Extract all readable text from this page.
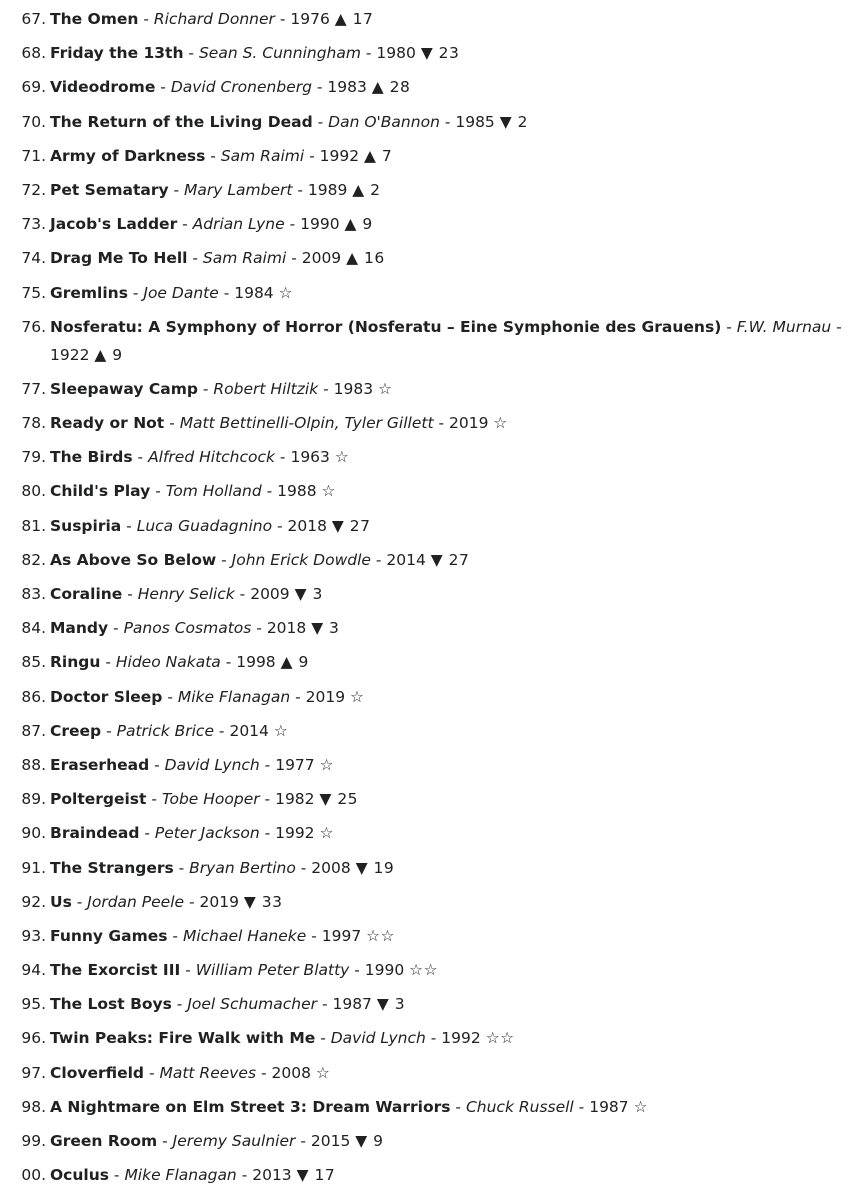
67. The Omen - Richard Donner - 1976 ▲ 17
68. Friday the 13th - Sean S. Cunningham - 1980 ▼ 23
69. Videodrome - David Cronenberg - 1983 ▲ 28
70. The Return of the Living Dead - Dan O'Bannon - 1985 ▼ 2
71. Army of Darkness - Sam Raimi - 1992 ▲ 7
72. Pet Sematary - Mary Lambert - 1989 ▲ 2
73. Jacob's Ladder - Adrian Lyne - 1990 ▲ 9
74. Drag Me To Hell - Sam Raimi - 2009 ▲ 16
75. Gremlins - Joe Dante - 1984 ☆
76. Nosferatu: A Symphony of Horror (Nosferatu – Eine Symphonie des Grauens) - F.W. Murnau - 1922 ▲ 9
77. Sleepaway Camp - Robert Hiltzik - 1983 ☆
78. Ready or Not - Matt Bettinelli-Olpin, Tyler Gillett - 2019 ☆
79. The Birds - Alfred Hitchcock - 1963 ☆
80. Child's Play - Tom Holland - 1988 ☆
81. Suspiria - Luca Guadagnino - 2018 ▼ 27
82. As Above So Below - John Erick Dowdle - 2014 ▼ 27
83. Coraline - Henry Selick - 2009 ▼ 3
84. Mandy - Panos Cosmatos - 2018 ▼ 3
85. Ringu - Hideo Nakata - 1998 ▲ 9
86. Doctor Sleep - Mike Flanagan - 2019 ☆
87. Creep - Patrick Brice - 2014 ☆
88. Eraserhead - David Lynch - 1977 ☆
89. Poltergeist - Tobe Hooper - 1982 ▼ 25
90. Braindead - Peter Jackson - 1992 ☆
91. The Strangers - Bryan Bertino - 2008 ▼ 19
92. Us - Jordan Peele - 2019 ▼ 33
93. Funny Games - Michael Haneke - 1997 ☆☆
94. The Exorcist III - William Peter Blatty - 1990 ☆☆
95. The Lost Boys - Joel Schumacher - 1987 ▼ 3
96. Twin Peaks: Fire Walk with Me - David Lynch - 1992 ☆☆
97. Cloverfield - Matt Reeves - 2008 ☆
98. A Nightmare on Elm Street 3: Dream Warriors - Chuck Russell - 1987 ☆
99. Green Room - Jeremy Saulnier - 2015 ▼ 9
00. Oculus - Mike Flanagan - 2013 ▼ 17
